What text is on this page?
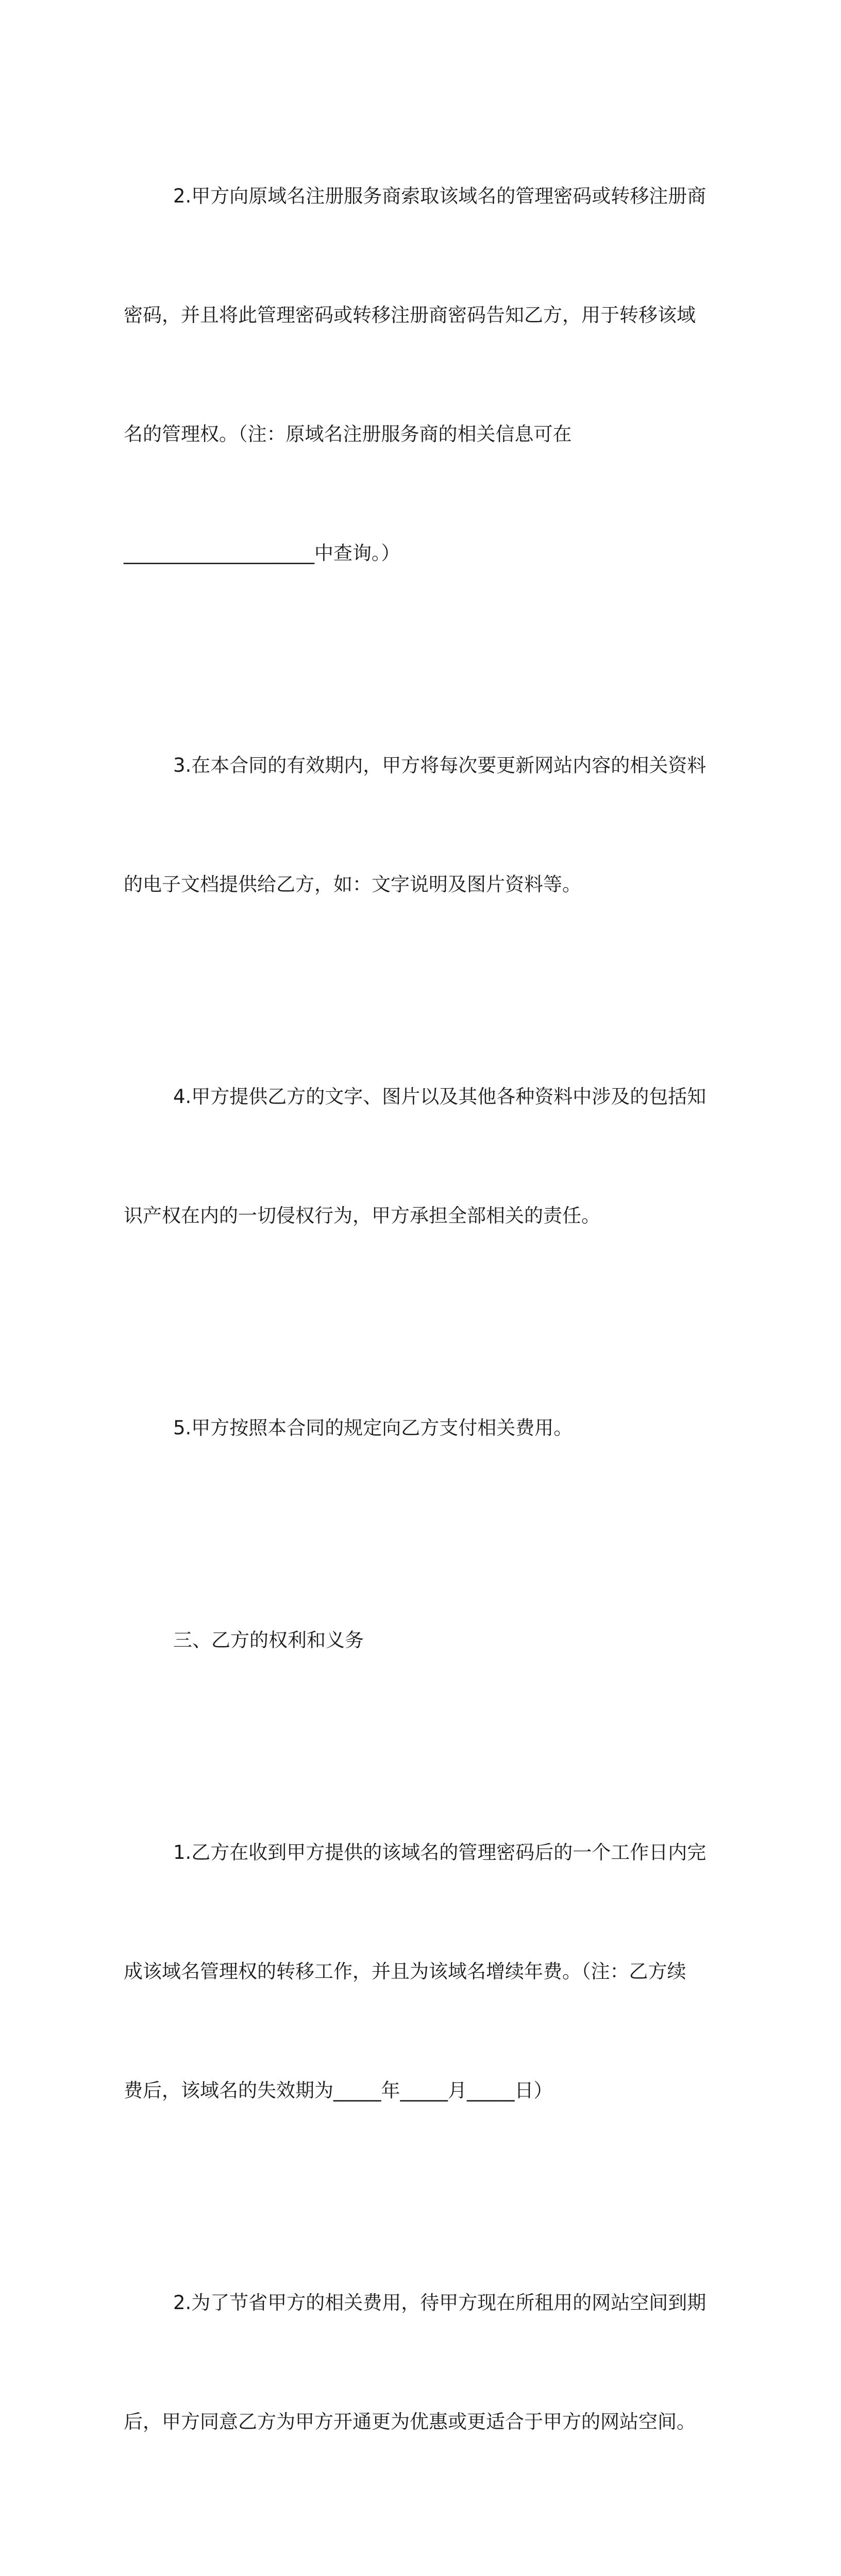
2.甲方向原域名注册服务商索取该域名的管理密码或转移注册商

密码，并且将此管理密码或转移注册商密码告知乙方，用于转移该域

名的管理权。（注：原域名注册服务商的相关信息可在

____________________中查询。）

3.在本合同的有效期内，甲方将每次要更新网站内容的相关资料

的电子文档提供给乙方，如：文字说明及图片资料等。

4.甲方提供乙方的文字、图片以及其他各种资料中涉及的包括知

识产权在内的一切侵权行为，甲方承担全部相关的责任。

5.甲方按照本合同的规定向乙方支付相关费用。

三、乙方的权利和义务

1.乙方在收到甲方提供的该域名的管理密码后的一个工作日内完

成该域名管理权的转移工作，并且为该域名增续年费。（注：乙方续

费后，该域名的失效期为_____年_____月_____日）

2.为了节省甲方的相关费用，待甲方现在所租用的网站空间到期

后，甲方同意乙方为甲方开通更为优惠或更适合于甲方的网站空间。
